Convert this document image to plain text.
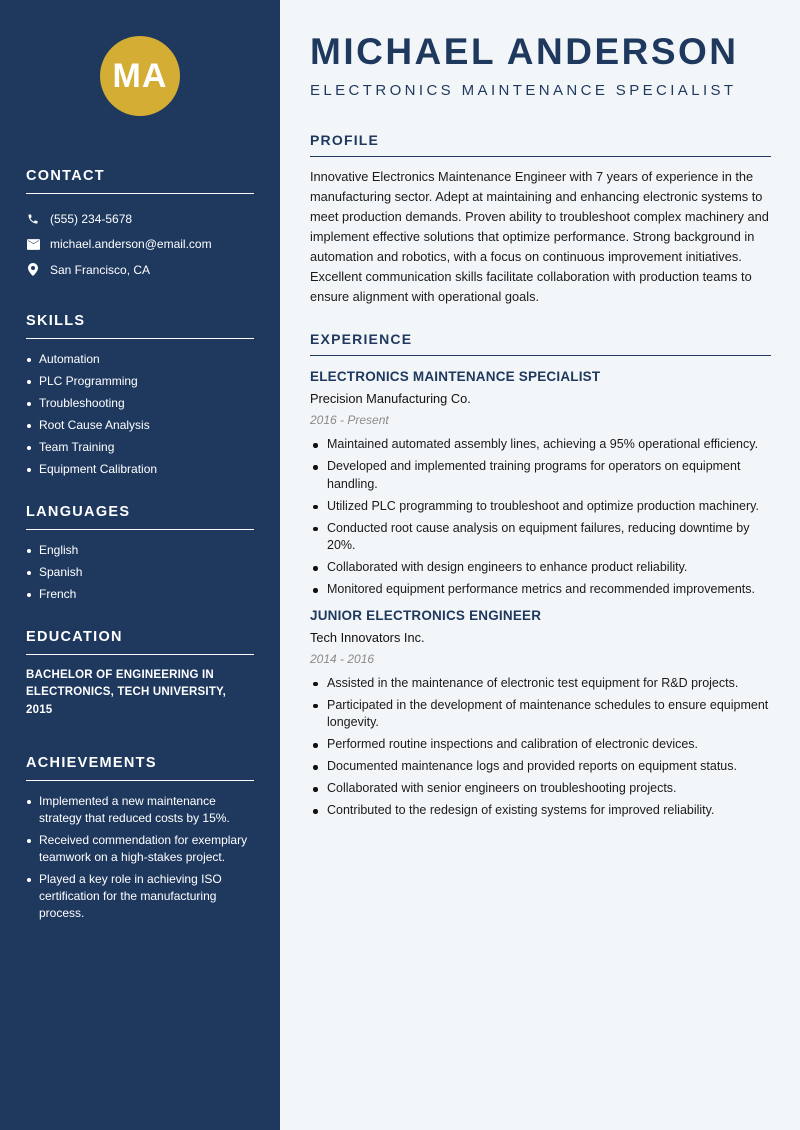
MA
CONTACT
(555) 234-5678
michael.anderson@email.com
San Francisco, CA
SKILLS
Automation
PLC Programming
Troubleshooting
Root Cause Analysis
Team Training
Equipment Calibration
LANGUAGES
English
Spanish
French
EDUCATION
BACHELOR OF ENGINEERING IN ELECTRONICS, TECH UNIVERSITY, 2015
ACHIEVEMENTS
Implemented a new maintenance strategy that reduced costs by 15%.
Received commendation for exemplary teamwork on a high-stakes project.
Played a key role in achieving ISO certification for the manufacturing process.
MICHAEL ANDERSON
ELECTRONICS MAINTENANCE SPECIALIST
PROFILE

Innovative Electronics Maintenance Engineer with 7 years of experience in the manufacturing sector. Adept at maintaining and enhancing electronic systems to meet production demands. Proven ability to troubleshoot complex machinery and implement effective solutions that optimize performance. Strong background in automation and robotics, with a focus on continuous improvement initiatives. Excellent communication skills facilitate collaboration with production teams to ensure alignment with operational goals.

EXPERIENCE
ELECTRONICS MAINTENANCE SPECIALIST
Precision Manufacturing Co.
2016 - Present
Maintained automated assembly lines, achieving a 95% operational efficiency.
Developed and implemented training programs for operators on equipment handling.
Utilized PLC programming to troubleshoot and optimize production machinery.
Conducted root cause analysis on equipment failures, reducing downtime by 20%.
Collaborated with design engineers to enhance product reliability.
Monitored equipment performance metrics and recommended improvements.
JUNIOR ELECTRONICS ENGINEER
Tech Innovators Inc.
2014 - 2016
Assisted in the maintenance of electronic test equipment for R&D projects.
Participated in the development of maintenance schedules to ensure equipment longevity.
Performed routine inspections and calibration of electronic devices.
Documented maintenance logs and provided reports on equipment status.
Collaborated with senior engineers on troubleshooting projects.
Contributed to the redesign of existing systems for improved reliability.
